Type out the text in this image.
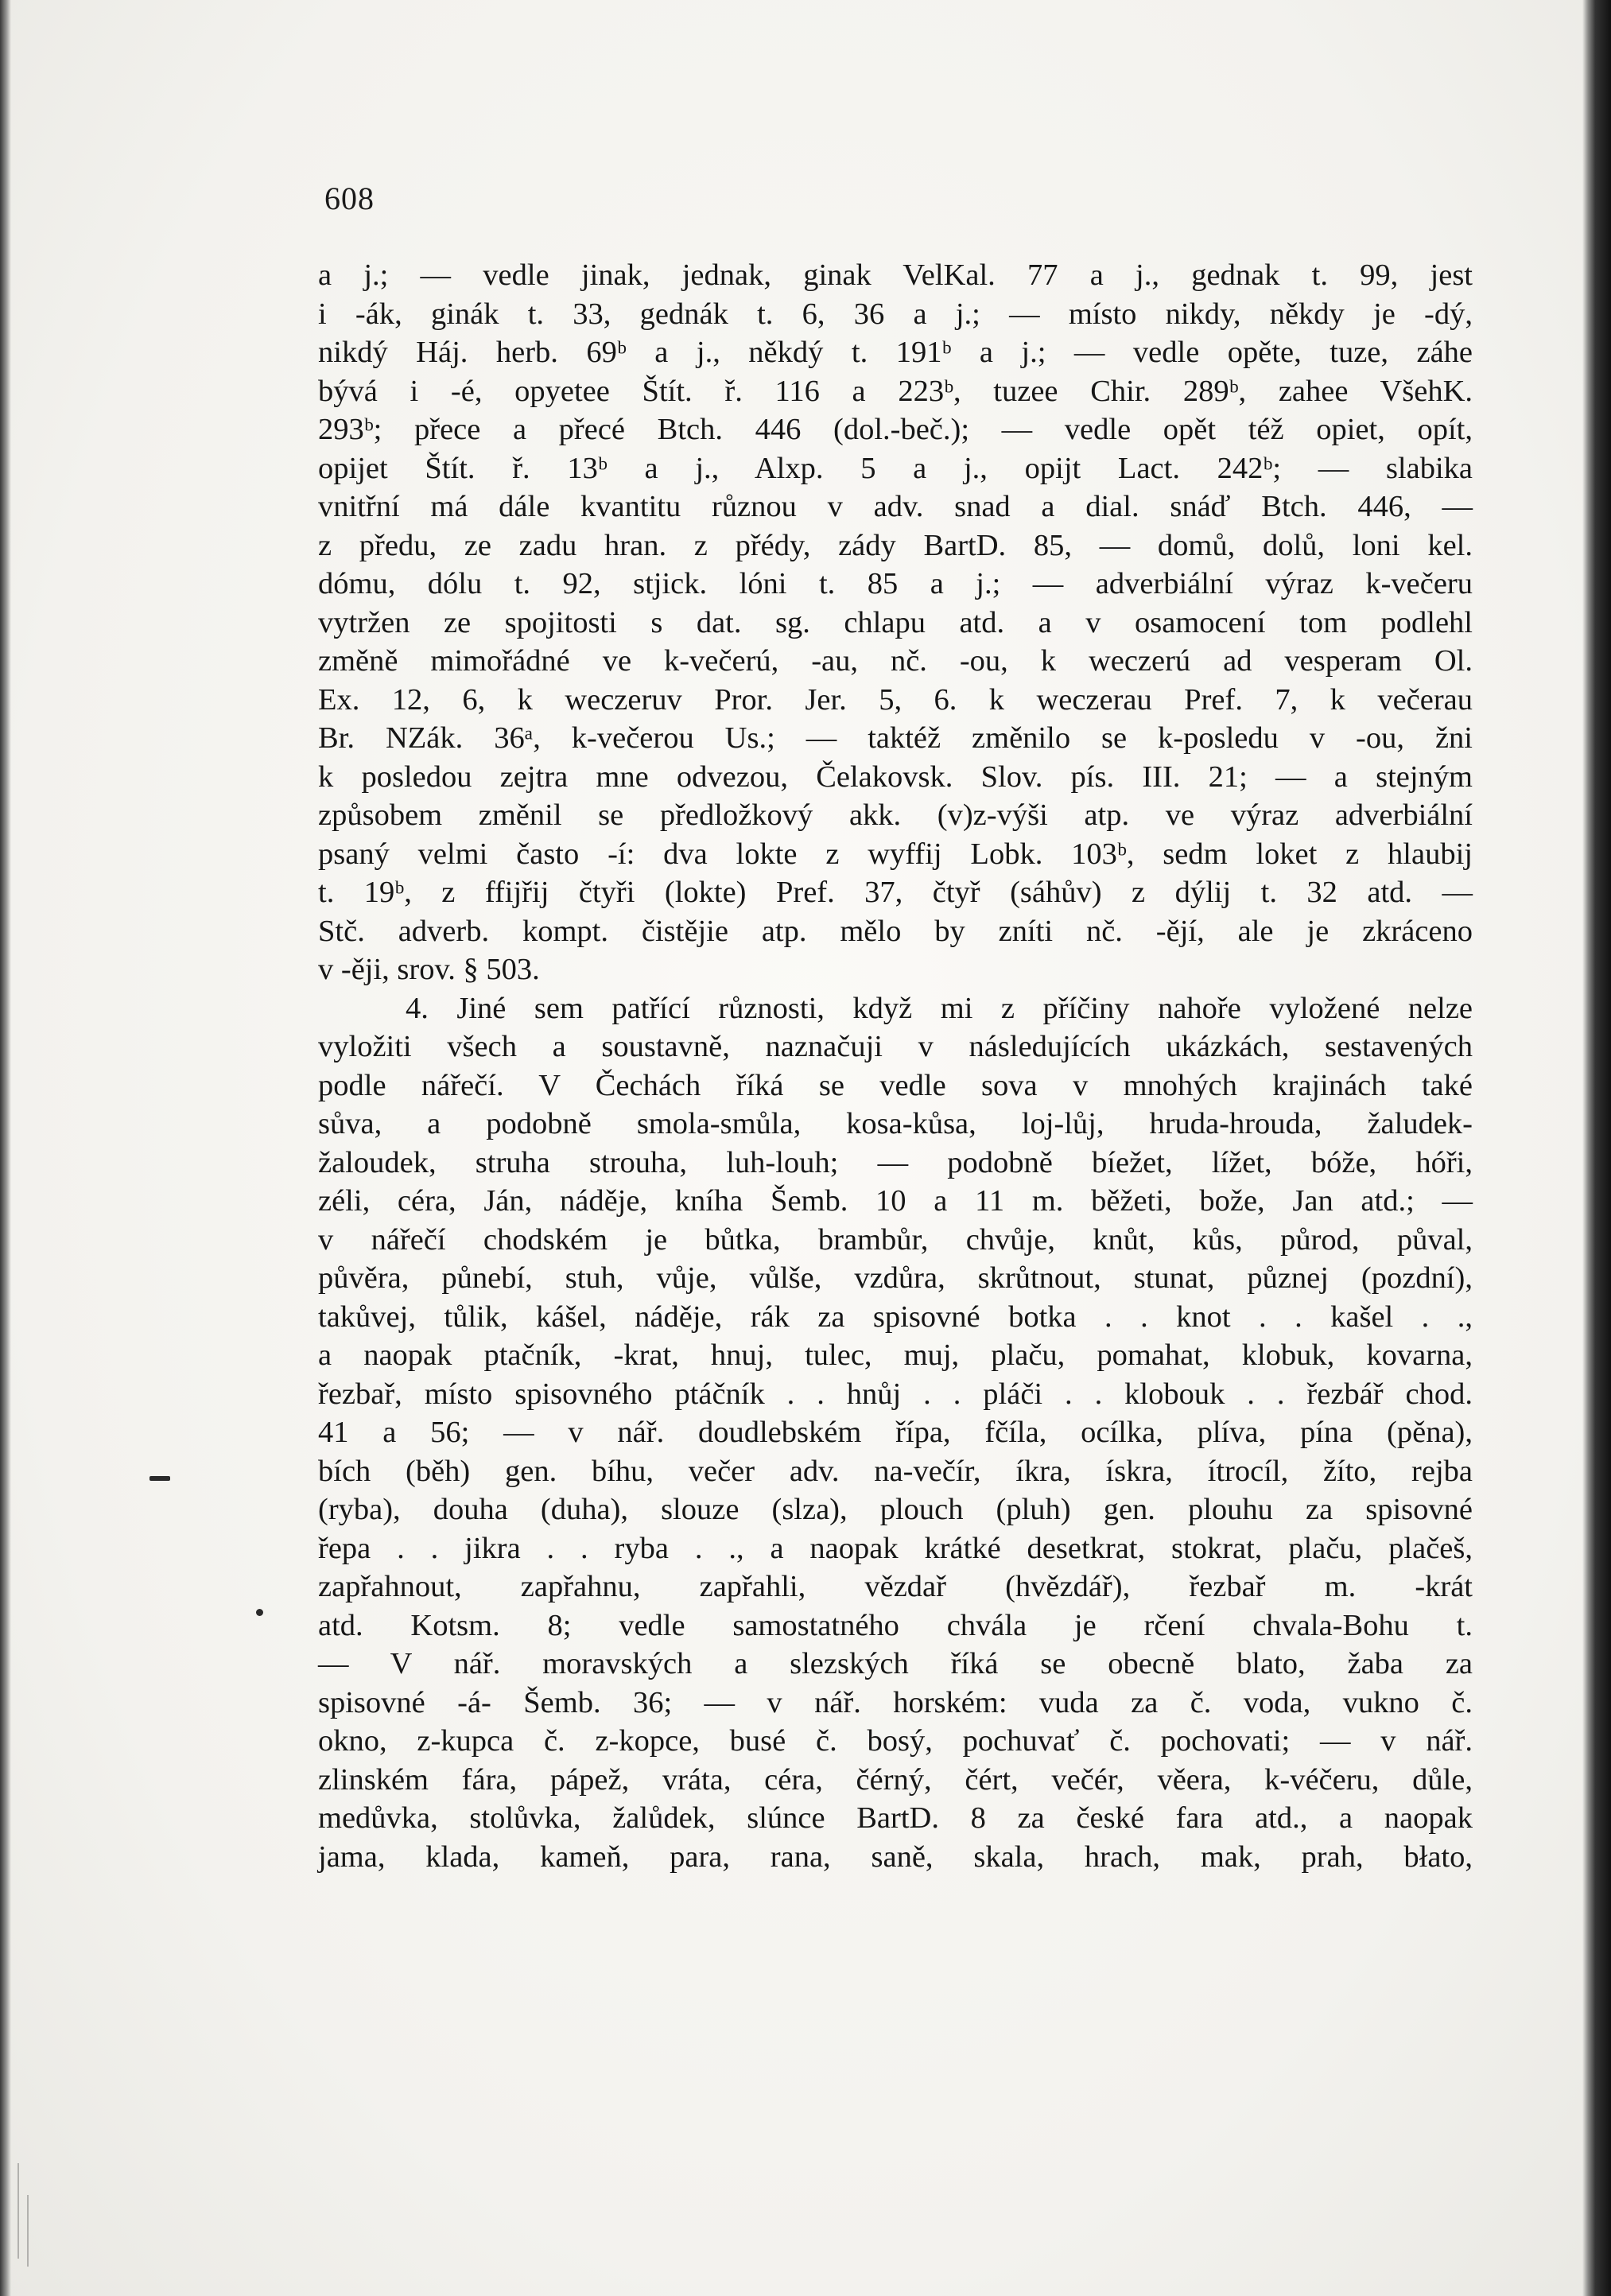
608
a j.; — vedle jinak, jednak, ginak VelKal. 77 a j., gednak t. 99, jest
i -ák, ginák t. 33, gednák t. 6, 36 a j.; — místo nikdy, někdy je -dý,
nikdý Háj. herb. 69ᵇ a j., někdý t. 191ᵇ a j.; — vedle opěte, tuze, záhe
bývá i -é, opyetee Štít. ř. 116 a 223ᵇ, tuzee Chir. 289ᵇ, zahee VšehK.
293ᵇ; přece a přecé Btch. 446 (dol.-beč.); — vedle opět též opiet, opít,
opijet Štít. ř. 13ᵇ a j., Alxp. 5 a j., opijt Lact. 242ᵇ; — slabika
vnitřní má dále kvantitu různou v adv. snad a dial. snáď Btch. 446, —
z předu, ze zadu hran. z přédy, zády BartD. 85, — domů, dolů, loni kel.
dómu, dólu t. 92, stjick. lóni t. 85 a j.; — adverbiální výraz k-večeru
vytržen ze spojitosti s dat. sg. chlapu atd. a v osamocení tom podlehl
změně mimořádné ve k-večerú, -au, nč. -ou, k weczerú ad vesperam Ol.
Ex. 12, 6, k weczeruv Pror. Jer. 5, 6. k weczerau Pref. 7, k večerau
Br. NZák. 36ᵃ, k-večerou Us.; — taktéž změnilo se k-posledu v -ou, žni
k posledou zejtra mne odvezou, Čelakovsk. Slov. pís. III. 21; — a stejným
způsobem změnil se předložkový akk. (v)z-výši atp. ve výraz adverbiální
psaný velmi často -í: dva lokte z wyffij Lobk. 103ᵇ, sedm loket z hlaubij
t. 19ᵇ, z ffijřij čtyři (lokte) Pref. 37, čtyř (sáhův) z dýlij t. 32 atd. —
Stč. adverb. kompt. čistějie atp. mělo by zníti nč. -ějí, ale je zkráceno
v -ěji, srov. § 503.
4. Jiné sem patřící různosti, když mi z příčiny nahoře vyložené nelze
vyložiti všech a soustavně, naznačuji v následujících ukázkách, sestavených
podle nářečí. V Čechách říká se vedle sova v mnohých krajinách také
sůva, a podobně smola-smůla, kosa-kůsa, loj-lůj, hruda-hrouda, žaludek-
žaloudek, struha strouha, luh-louh; — podobně bíežet, lížet, bóže, hóři,
zéli, céra, Ján, náděje, kníha Šemb. 10 a 11 m. běžeti, bože, Jan atd.; —
v nářečí chodském je bůtka, brambůr, chvůje, knůt, kůs, půrod, půval,
půvěra, půnebí, stuh, vůje, vůlše, vzdůra, skrůtnout, stunat, půznej (pozdní),
takůvej, tůlik, kášel, náděje, rák za spisovné botka . . knot . . kašel . .,
a naopak ptačník, -krat, hnuj, tulec, muj, plaču, pomahat, klobuk, kovarna,
řezbař, místo spisovného ptáčník . . hnůj . . pláči . . klobouk . . řezbář chod.
41 a 56; — v nář. doudlebském řípa, fčíla, ocílka, plíva, pína (pěna),
bích (běh) gen. bíhu, večer adv. na-večír, íkra, ískra, ítrocíl, žíto, rejba
(ryba), douha (duha), slouze (slza), plouch (pluh) gen. plouhu za spisovné
řepa . . jikra . . ryba . ., a naopak krátké desetkrat, stokrat, plaču, plačeš,
zapřahnout, zapřahnu, zapřahli, vězdař (hvězdář), řezbař m. -krát
atd. Kotsm. 8; vedle samostatného chvála je rčení chvala-Bohu t.
— V nář. moravských a slezských říká se obecně blato, žaba za
spisovné -á- Šemb. 36; — v nář. horském: vuda za č. voda, vukno č.
okno, z-kupca č. z-kopce, busé č. bosý, pochuvať č. pochovati; — v nář.
zlinském fára, pápež, vráta, céra, čérný, čért, večér, věera, k-véčeru, důle,
medůvka, stolůvka, žalůdek, slúnce BartD. 8 za české fara atd., a naopak
jama, klada, kameň, para, rana, saně, skala, hrach, mak, prah, błato,
